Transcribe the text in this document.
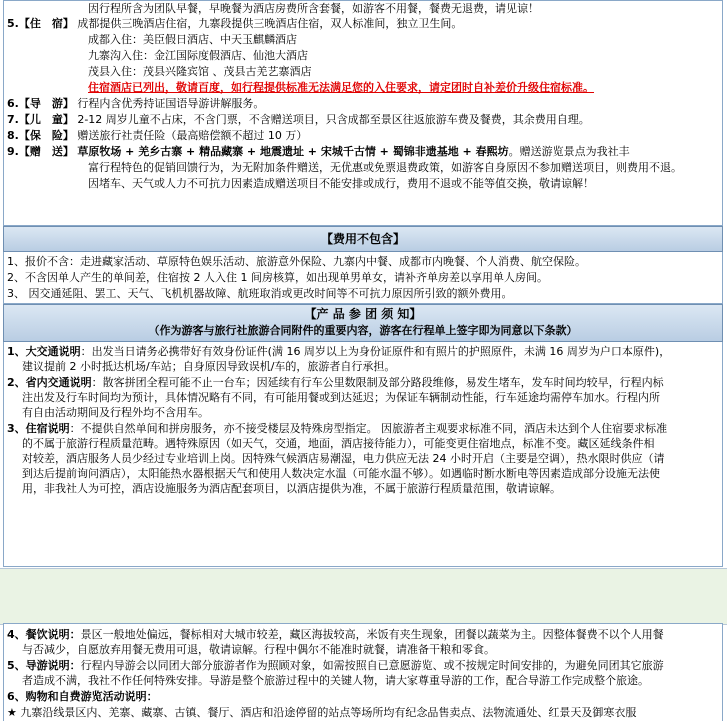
因行程所含为团队早餐，早晚餐为酒店房费所含套餐，如游客不用餐，餐费无退费，请见谅！
5.【住　宿】 成都提供三晚酒店住宿，九寨段提供三晚酒店住宿，双人标准间，独立卫生间。
成都入住：美臣假日酒店、中天玉麒麟酒店
九寨沟入住：金江国际度假酒店、仙池大酒店
茂县入住：茂县兴隆宾馆 、茂县古羌艺寨酒店
住宿酒店已列出，敬请百度，如行程提供标准无法满足您的入住要求，请定团时自补差价升级住宿标准。
6.【导　游】 行程内含优秀持证国语导游讲解服务。
7.【儿　童】 2-12 周岁儿童不占床，不含门票，不含赠送项目，只含成都至景区往返旅游车费及餐费，其余费用自理。
8.【保　险】 赠送旅行社责任险（最高赔偿额不超过 10 万）
9.【赠　送】 草原牧场 + 羌乡古寨 + 精品藏寨 + 地震遗址 + 宋城千古情 + 蜀锦非遗基地 + 春熙坊。赠送游览景点为我社丰
富行程特色的促销回馈行为，为无附加条件赠送，无优惠或免票退费政策，如游客自身原因不参加赠送项目，则费用不退。
因堵车、天气或人力不可抗力因素造成赠送项目不能安排或成行，费用不退或不能等值交换，敬请谅解！
【费用不包含】
1、报价不含：走进藏家活动、草原特色娱乐活动、旅游意外保险、九寨内中餐、成都市内晚餐、个人消费、航空保险。
2、不含因单人产生的单间差，住宿按 2 人入住 1 间房核算，如出现单男单女，请补齐单房差以享用单人房间。
3、 因交通延阻、罢工、天气、飞机机器故障、航班取消或更改时间等不可抗力原因所引致的额外费用。
【产 品 参 团 须 知】
（作为游客与旅行社旅游合同附件的重要内容，游客在行程单上签字即为同意以下条款）
1、大交通说明：出发当日请务必携带好有效身份证件(满 16 周岁以上为身份证原件和有照片的护照原件，未满 16 周岁为户口本原件)，
建议提前 2 小时抵达机场/车站；自身原因导致误机/车的，旅游者自行承担。
2、省内交通说明：散客拼团全程可能不止一台车；因延续有行车公里数限制及部分路段维修，易发生堵车，发车时间均较早，行程内标
注出发及行车时间均为预计，具体情况略有不同，有可能用餐或到达延迟；为保证车辆制动性能，行车延途均需停车加水。行程内所
有自由活动期间及行程外均不含用车。
3、住宿说明：不提供自然单间和拼房服务，亦不接受楼层及特殊房型指定。 因旅游者主观要求标准不同，酒店未达到个人住宿要求标准
的不属于旅游行程质量范畴。遇特殊原因（如天气，交通，地面，酒店接待能力），可能变更住宿地点，标准不变。藏区延线条件相
对较差，酒店服务人员少经过专业培训上岗。因特殊气候酒店易潮湿，电力供应无法 24 小时开启（主要是空调），热水限时供应（请
到达后提前询问酒店），太阳能热水器根据天气和使用人数决定水温（可能水温不够）。如遇临时断水断电等因素造成部分设施无法使
用，非我社人为可控，酒店设施服务为酒店配套项目，以酒店提供为准，不属于旅游行程质量范围，敬请谅解。
4、餐饮说明：景区一般地处偏远，餐标相对大城市较差，藏区海拔较高，米饭有夹生现象，团餐以蔬菜为主。因整体餐费不以个人用餐
与否减少，自愿放弃用餐无费用可退，敬请谅解。行程中偶尔不能准时就餐，请准备干粮和零食。
5、导游说明：行程内导游会以同团大部分旅游者作为照顾对象，如需按照自已意愿游览、或不按规定时间安排的，为避免同团其它旅游
者造成不满，我社不作任何特殊安排。导游是整个旅游过程中的关键人物，请大家尊重导游的工作，配合导游工作完成整个旅途。
6、购物和自费游览活动说明：
★ 九寨沿线景区内、羌寨、藏寨、古镇、餐厅、酒店和沿途停留的站点等场所均有纪念品售卖点、法物流通处、红景天及御寒衣服
